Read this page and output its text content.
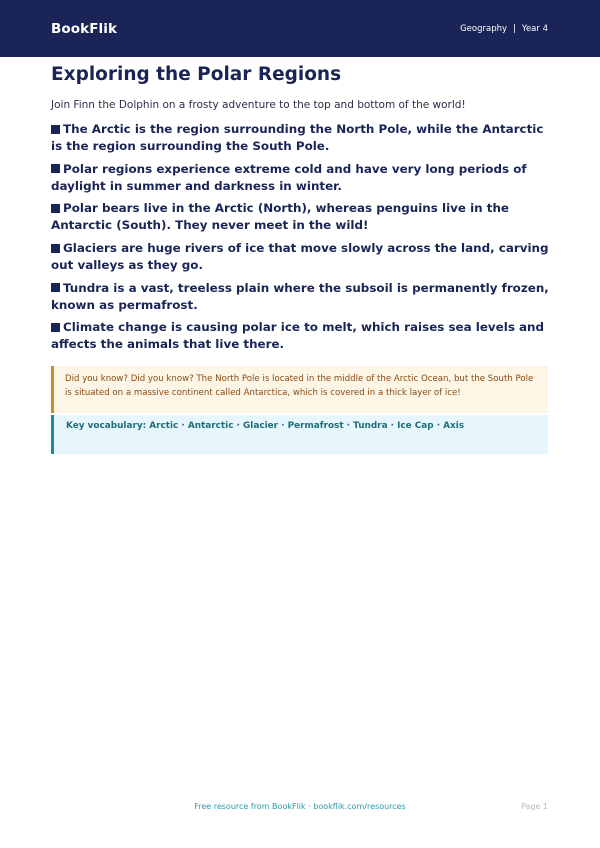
BookFlik	Geography | Year 4
Exploring the Polar Regions

Join Finn the Dolphin on a frosty adventure to the top and bottom of the world!

The Arctic is the region surrounding the North Pole, while the Antarctic is the region surrounding the South Pole.
Polar regions experience extreme cold and have very long periods of daylight in summer and darkness in winter.
Polar bears live in the Arctic (North), whereas penguins live in the Antarctic (South). They never meet in the wild!
Glaciers are huge rivers of ice that move slowly across the land, carving out valleys as they go.
Tundra is a vast, treeless plain where the subsoil is permanently frozen, known as permafrost.
Climate change is causing polar ice to melt, which raises sea levels and affects the animals that live there.
Did you know? Did you know? The North Pole is located in the middle of the Arctic Ocean, but the South Pole is situated on a massive continent called Antarctica, which is covered in a thick layer of ice!
Key vocabulary: Arctic · Antarctic · Glacier · Permafrost · Tundra · Ice Cap · Axis
Free resource from BookFlik · bookflik.com/resources	Page 1
